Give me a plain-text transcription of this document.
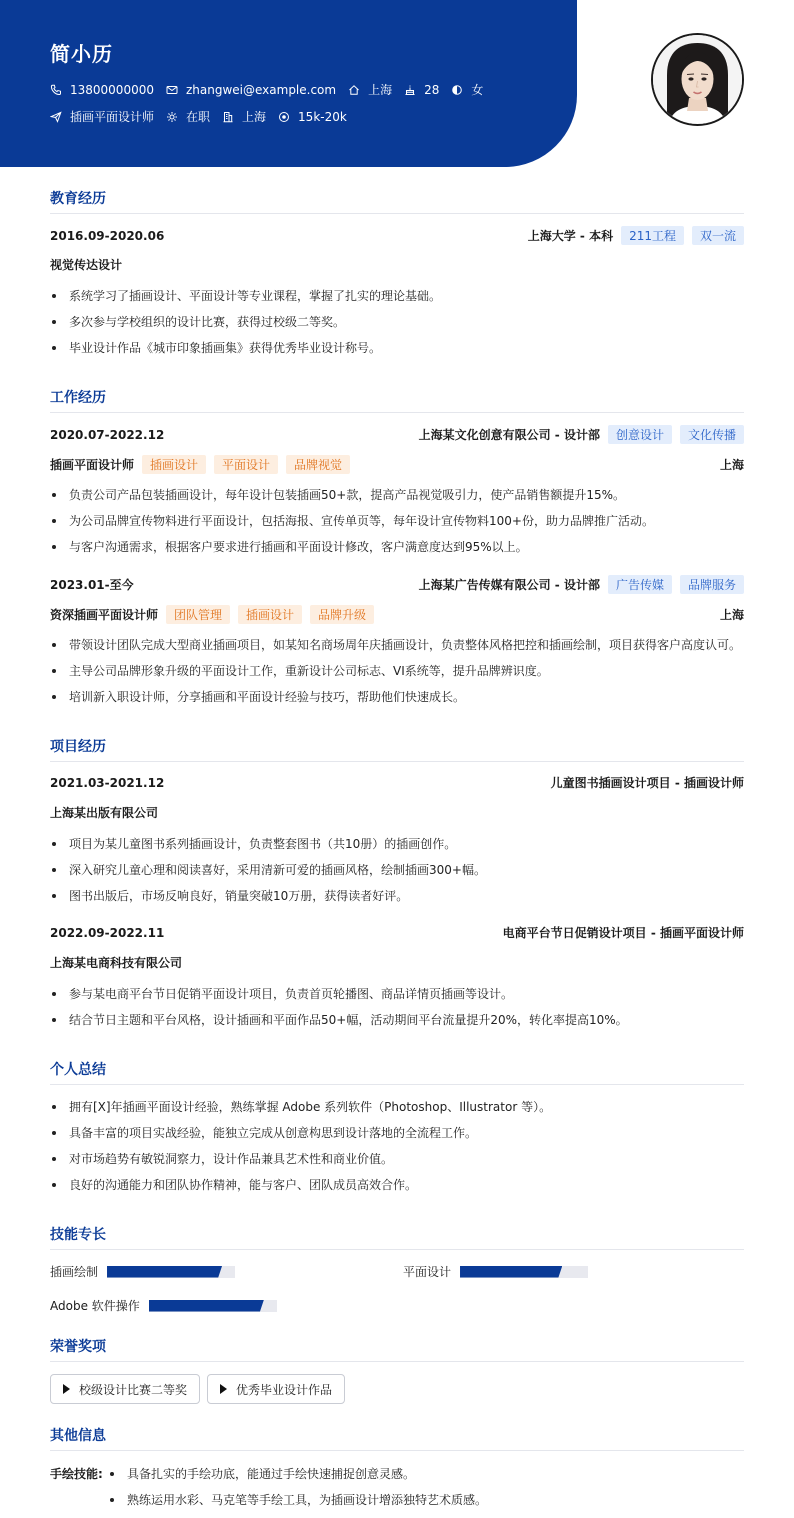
简小历
13800000000	zhangwei@example.com	上海	28	女
插画平面设计师	在职	上海	15k-20k
教育经历
2016.09-2020.06	上海大学 - 本科	211工程	双一流
视觉传达设计
系统学习了插画设计、平面设计等专业课程，掌握了扎实的理论基础。
多次参与学校组织的设计比赛，获得过校级二等奖。
毕业设计作品《城市印象插画集》获得优秀毕业设计称号。
工作经历
2020.07-2022.12	上海某文化创意有限公司 - 设计部	创意设计	文化传播
插画平面设计师	插画设计	平面设计	品牌视觉	上海
负责公司产品包装插画设计，每年设计包装插画50+款，提高产品视觉吸引力，使产品销售额提升15%。
为公司品牌宣传物料进行平面设计，包括海报、宣传单页等，每年设计宣传物料100+份，助力品牌推广活动。
与客户沟通需求，根据客户要求进行插画和平面设计修改，客户满意度达到95%以上。
2023.01-至今	上海某广告传媒有限公司 - 设计部	广告传媒	品牌服务
资深插画平面设计师	团队管理	插画设计	品牌升级	上海
带领设计团队完成大型商业插画项目，如某知名商场周年庆插画设计，负责整体风格把控和插画绘制，项目获得客户高度认可。
主导公司品牌形象升级的平面设计工作，重新设计公司标志、VI系统等，提升品牌辨识度。
培训新入职设计师，分享插画和平面设计经验与技巧，帮助他们快速成长。
项目经历
2021.03-2021.12	儿童图书插画设计项目 - 插画设计师
上海某出版有限公司
项目为某儿童图书系列插画设计，负责整套图书（共10册）的插画创作。
深入研究儿童心理和阅读喜好，采用清新可爱的插画风格，绘制插画300+幅。
图书出版后，市场反响良好，销量突破10万册，获得读者好评。
2022.09-2022.11	电商平台节日促销设计项目 - 插画平面设计师
上海某电商科技有限公司
参与某电商平台节日促销平面设计项目，负责首页轮播图、商品详情页插画等设计。
结合节日主题和平台风格，设计插画和平面作品50+幅，活动期间平台流量提升20%，转化率提高10%。
个人总结
拥有[X]年插画平面设计经验，熟练掌握 Adobe 系列软件（Photoshop、Illustrator 等）。
具备丰富的项目实战经验，能独立完成从创意构思到设计落地的全流程工作。
对市场趋势有敏锐洞察力，设计作品兼具艺术性和商业价值。
良好的沟通能力和团队协作精神，能与客户、团队成员高效合作。
技能专长
插画绘制	平面设计
Adobe 软件操作
荣誉奖项
校级设计比赛二等奖	优秀毕业设计作品
其他信息
手绘技能: 具备扎实的手绘功底，能通过手绘快速捕捉创意灵感。
熟练运用水彩、马克笔等手绘工具，为插画设计增添独特艺术质感。
